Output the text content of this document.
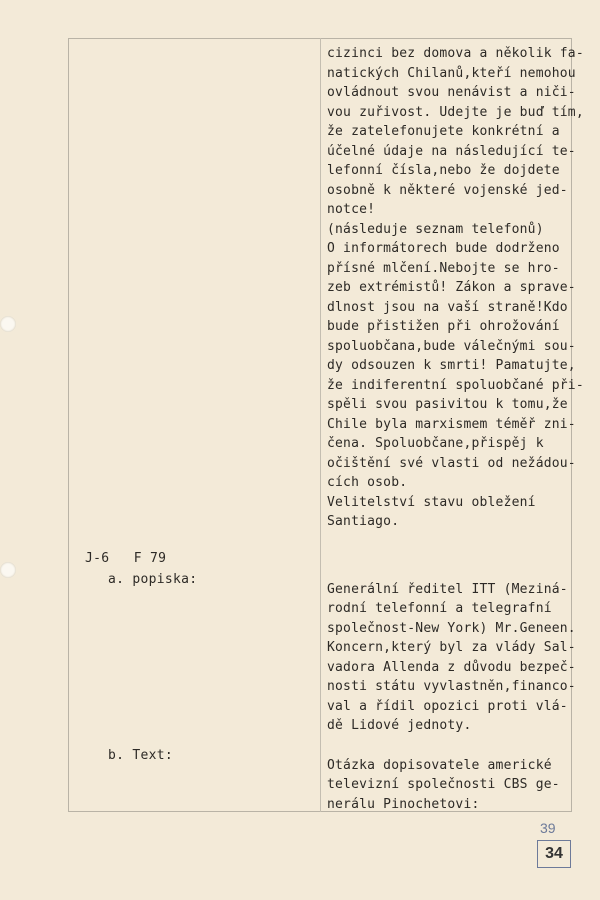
J-6   F 79
a. popiska:
b. Text:
cizinci bez domova a několik fa-
natických Chilanů,kteří nemohou
ovládnout svou nenávist a niči-
vou zuřivost. Udejte je buď tím,
že zatelefonujete konkrétní a
účelné údaje na následující te-
lefonní čísla,nebo že dojdete
osobně k některé vojenské jed-
notce!
(následuje seznam telefonů)
O informátorech bude dodrženo
přísné mlčení.Nebojte se hro-
zeb extrémistů! Zákon a sprave-
dlnost jsou na vaší straně!Kdo
bude přistižen při ohrožování
spoluobčana,bude válečnými sou-
dy odsouzen k smrti! Pamatujte,
že indiferentní spoluobčané při-
spěli svou pasivitou k tomu,že
Chile byla marxismem téměř zni-
čena. Spoluobčane,přispěj k
očištění své vlasti od nežádou-
cích osob.
Velitelství stavu obležení
Santiago.
Generální ředitel ITT (Meziná-
rodní telefonní a telegrafní
společnost-New York) Mr.Geneen.
Koncern,který byl za vlády Sal-
vadora Allenda z důvodu bezpeč-
nosti státu vyvlastněn,financo-
val a řídil opozici proti vlá-
dě Lidové jednoty.
Otázka dopisovatele americké
televizní společnosti CBS ge-
nerálu Pinochetovi:
39
34
